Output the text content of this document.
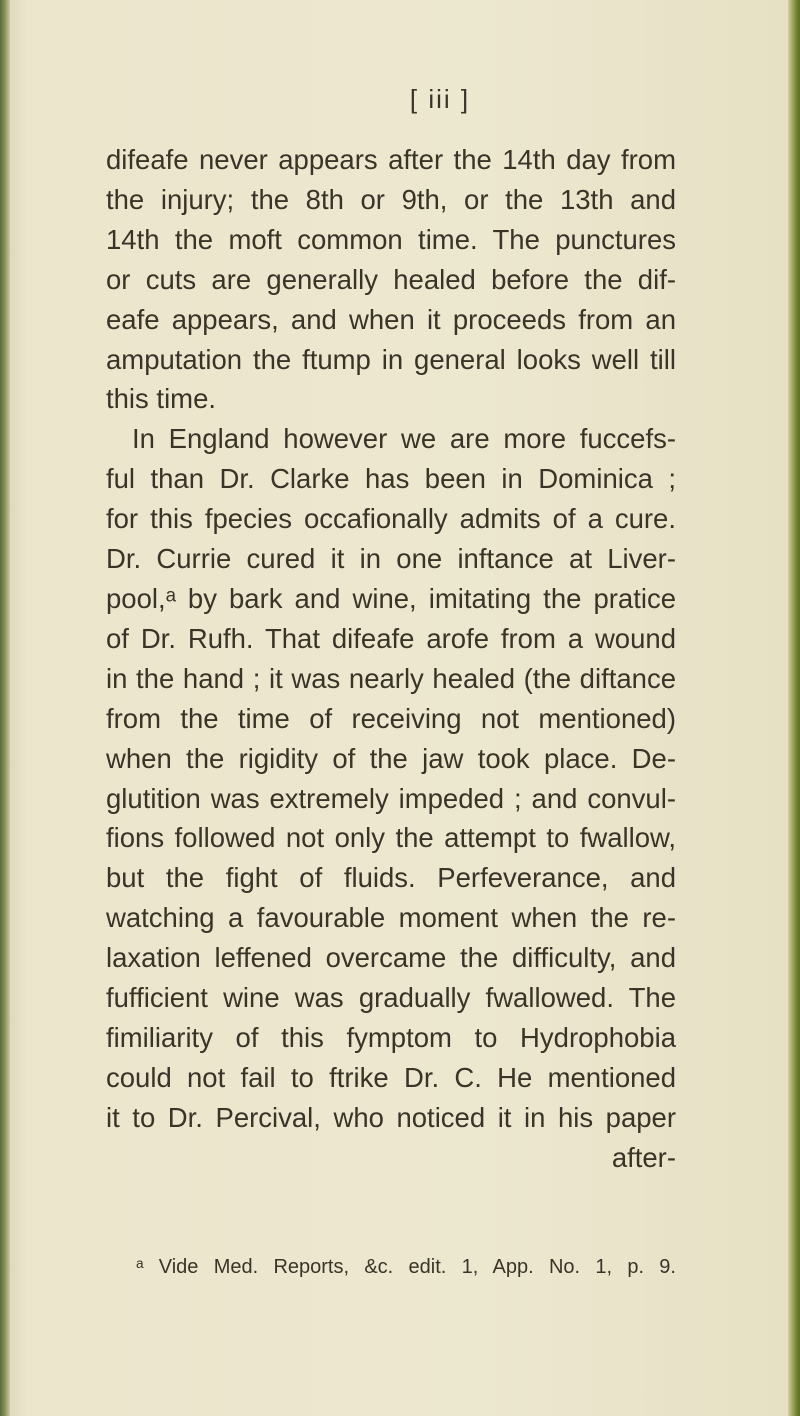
[ iii ]
difeafe never appears after the 14th day from
the injury; the 8th or 9th, or the 13th and
14th the moft common time. The punctures
or cuts are generally healed before the dif-
eafe appears, and when it proceeds from an
amputation the ftump in general looks well till
this time.
In England however we are more fuccefs-
ful than Dr. Clarke has been in Dominica ;
for this fpecies occafionally admits of a cure.
Dr. Currie cured it in one inftance at Liver-
pool,ᵃ by bark and wine, imitating the pratice
of Dr. Rufh. That difeafe arofe from a wound
in the hand ; it was nearly healed (the diftance
from the time of receiving not mentioned)
when the rigidity of the jaw took place. De-
glutition was extremely impeded ; and convul-
fions followed not only the attempt to fwallow,
but the fight of fluids. Perfeverance, and
watching a favourable moment when the re-
laxation leffened overcame the difficulty, and
fufficient wine was gradually fwallowed. The
fimiliarity of this fymptom to Hydrophobia
could not fail to ftrike Dr. C. He mentioned
it to Dr. Percival, who noticed it in his paper
after-
ᵃ Vide Med. Reports, &c. edit. 1, App. No. 1, p. 9.
